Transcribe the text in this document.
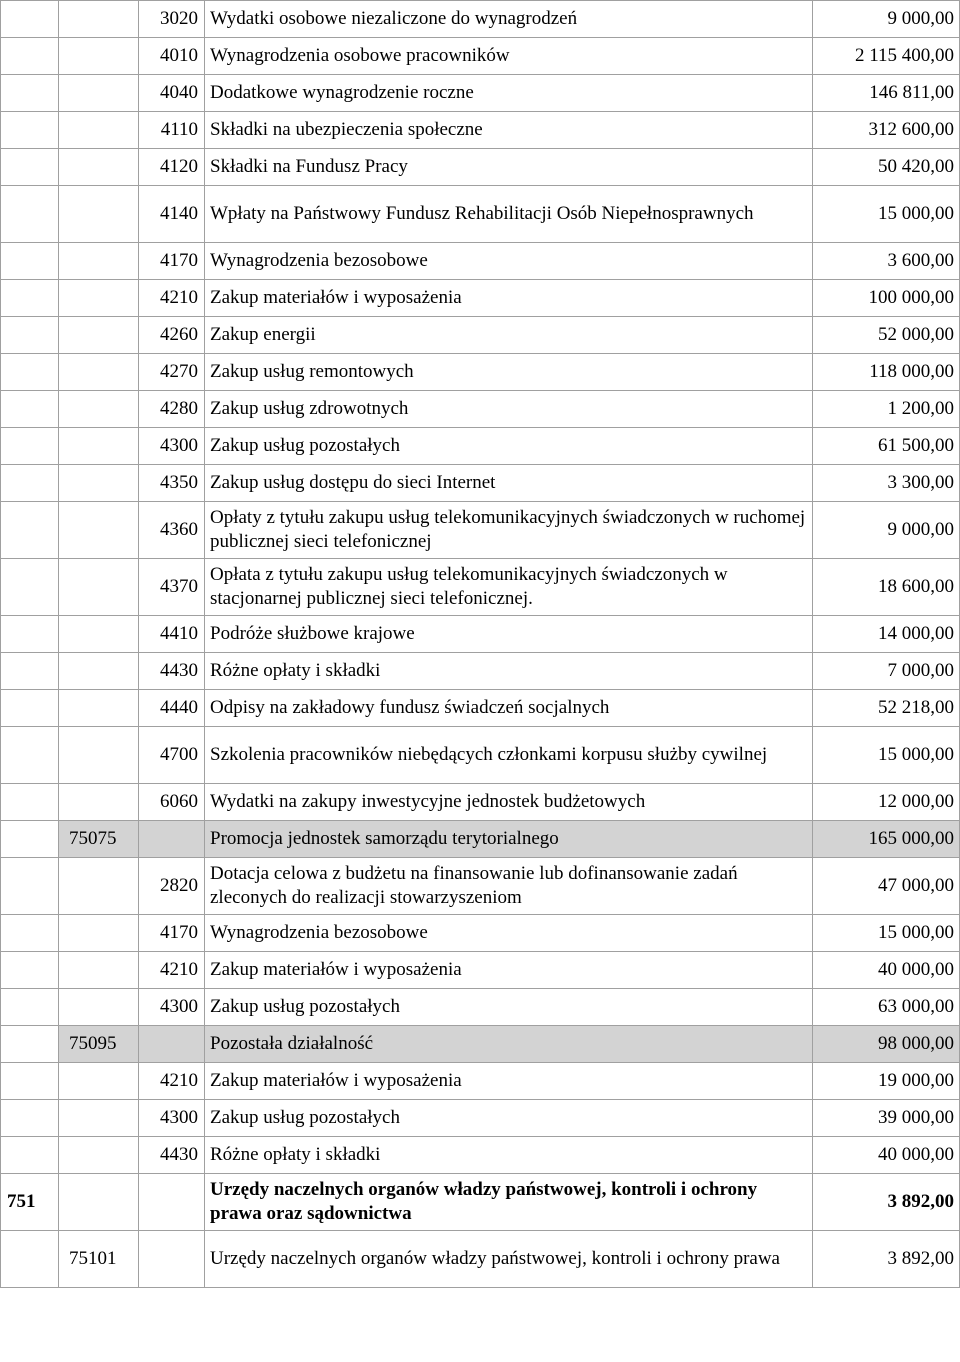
		3020	Wydatki osobowe niezaliczone do wynagrodzeń	9 000,00
		4010	Wynagrodzenia osobowe pracowników	2 115 400,00
		4040	Dodatkowe wynagrodzenie roczne	146 811,00
		4110	Składki na ubezpieczenia społeczne	312 600,00
		4120	Składki na Fundusz Pracy	50 420,00
		4140	Wpłaty na Państwowy Fundusz Rehabilitacji Osób Niepełnosprawnych	15 000,00
		4170	Wynagrodzenia bezosobowe	3 600,00
		4210	Zakup materiałów i wyposażenia	100 000,00
		4260	Zakup energii	52 000,00
		4270	Zakup usług remontowych	118 000,00
		4280	Zakup usług zdrowotnych	1 200,00
		4300	Zakup usług pozostałych	61 500,00
		4350	Zakup usług dostępu do sieci Internet	3 300,00
		4360	Opłaty z tytułu zakupu usług telekomunikacyjnych świadczonych w ruchomej publicznej sieci telefonicznej	9 000,00
		4370	Opłata z tytułu zakupu usług telekomunikacyjnych świadczonych w stacjonarnej publicznej sieci telefonicznej.	18 600,00
		4410	Podróże służbowe krajowe	14 000,00
		4430	Różne opłaty i składki	7 000,00
		4440	Odpisy na zakładowy fundusz świadczeń socjalnych	52 218,00
		4700	Szkolenia pracowników niebędących członkami korpusu służby cywilnej	15 000,00
		6060	Wydatki na zakupy inwestycyjne jednostek budżetowych	12 000,00
	75075		Promocja jednostek samorządu terytorialnego	165 000,00
		2820	Dotacja celowa z budżetu na finansowanie lub dofinansowanie zadań zleconych do realizacji stowarzyszeniom	47 000,00
		4170	Wynagrodzenia bezosobowe	15 000,00
		4210	Zakup materiałów i wyposażenia	40 000,00
		4300	Zakup usług pozostałych	63 000,00
	75095		Pozostała działalność	98 000,00
		4210	Zakup materiałów i wyposażenia	19 000,00
		4300	Zakup usług pozostałych	39 000,00
		4430	Różne opłaty i składki	40 000,00
751			Urzędy naczelnych organów władzy państwowej, kontroli i ochrony prawa oraz sądownictwa	3 892,00
	75101		Urzędy naczelnych organów władzy państwowej, kontroli i ochrony prawa	3 892,00
